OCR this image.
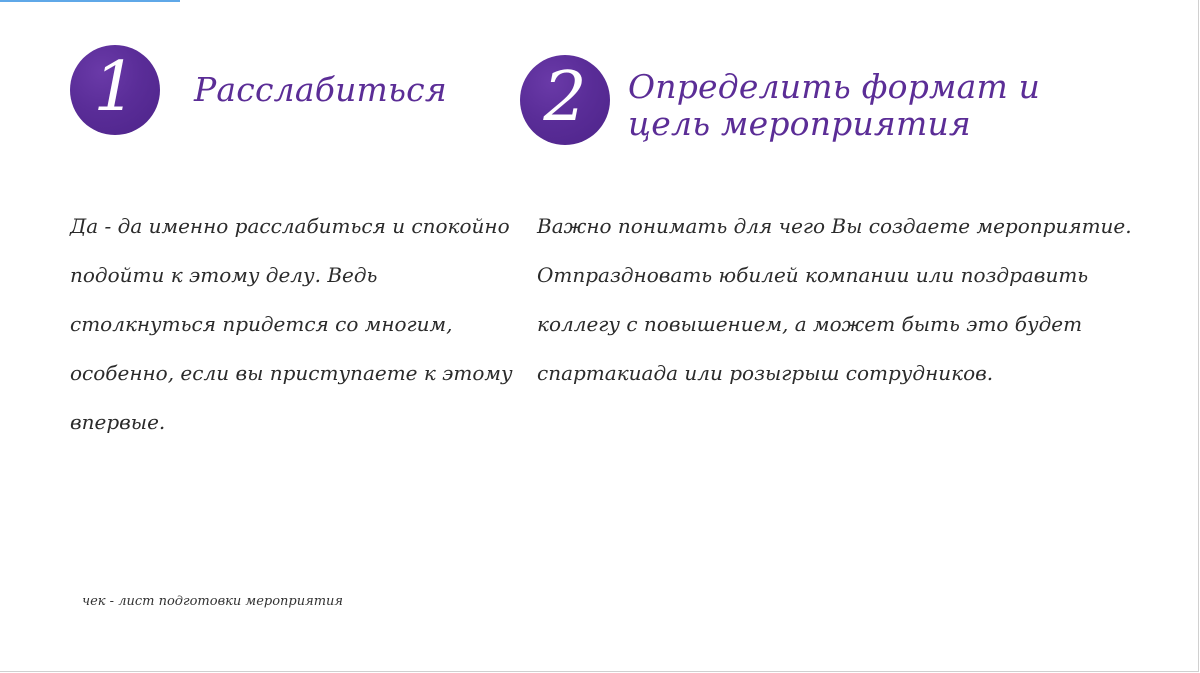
1 Расслабиться 2 Определить формат и цель мероприятия
Да - да именно расслабиться и спокойно подойти к этому делу. Ведь столкнуться придется со многим, особенно, если вы приступаете к этому впервые.
Важно понимать для чего Вы создаете мероприятие. Отпраздновать юбилей компании или поздравить коллегу с повышением, а может быть это будет спартакиада или розыгрыш сотрудников.
чек - лист подготовки мероприятия
